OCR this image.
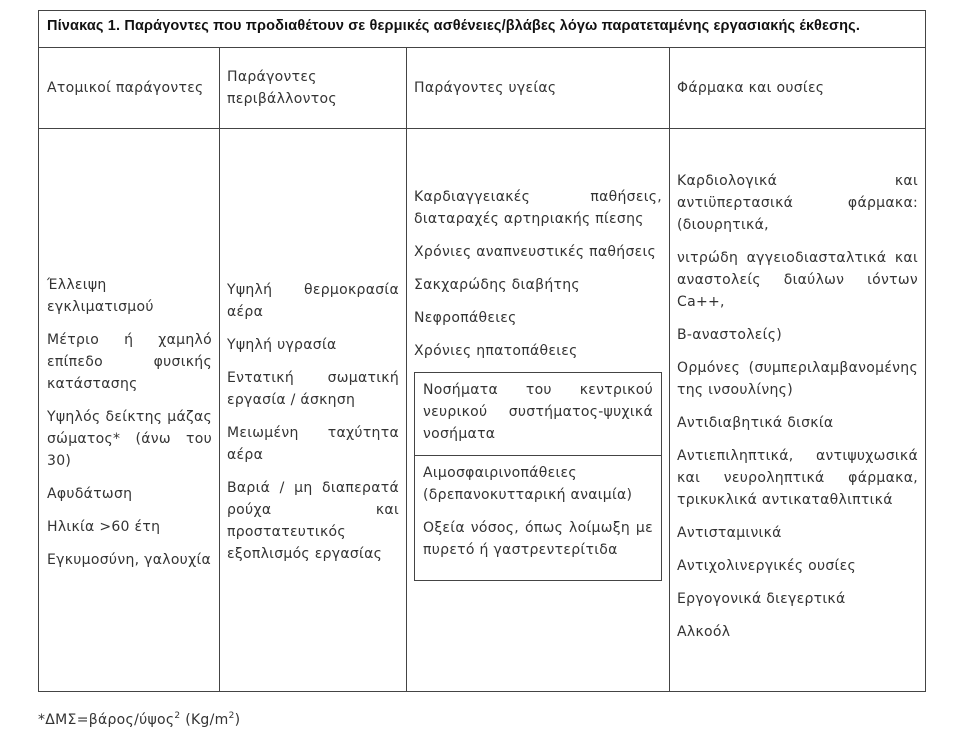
Πίνακας 1. Παράγοντες που προδιαθέτουν σε θερμικές ασθένειες/βλάβες λόγω παρατεταμένης εργασιακής έκθεσης.
Ατομικοί παράγοντες
Παράγοντες περιβάλλοντος
Παράγοντες υγείας	Φάρμακα και ουσίες

Έλλειψη εγκλιματισμού

Μέτριο ή χαμηλό επίπεδο φυσικής κατάστασης

Υψηλός δείκτης μάζας σώματος* (άνω του 30)

Αφυδάτωση

Ηλικία >60 έτη

Εγκυμοσύνη, γαλουχία

Υψηλή θερμοκρασία αέρα

Υψηλή υγρασία

Εντατική σωματική εργασία / άσκηση

Μειωμένη ταχύτητα αέρα

Βαριά / μη διαπερατά ρούχα και προστατευτικός εξοπλισμός εργασίας

Καρδιαγγειακές παθήσεις, διαταραχές αρτηριακής πίεσης

Χρόνιες αναπνευστικές παθήσεις

Σακχαρώδης διαβήτης

Νεφροπάθειες

Χρόνιες ηπατοπάθειες

Νοσήματα του κεντρικού νευρικού συστήματος-ψυχικά νοσήματα

Αιμοσφαιρινοπάθειες (δρεπανοκυτταρική αναιμία)

Οξεία νόσος, όπως λοίμωξη με πυρετό ή γαστρεντερίτιδα

Καρδιολογικά και αντιϋπερτασικά φάρμακα: (διουρητικά,

νιτρώδη αγγειοδιασταλτικά και αναστολείς διαύλων ιόντων Ca++,

Β-αναστολείς)

Ορμόνες (συμπεριλαμβανομένης της ινσουλίνης)

Αντιδιαβητικά δισκία

Αντιεπιληπτικά, αντιψυχωσικά και νευροληπτικά φάρμακα, τρικυκλικά αντικαταθλιπτικά

Αντισταμινικά

Αντιχολινεργικές ουσίες

Εργογονικά διεγερτικά

Αλκοόλ

*ΔΜΣ=βάρος/ύψος$^2$ $(Kg/m^2)$
